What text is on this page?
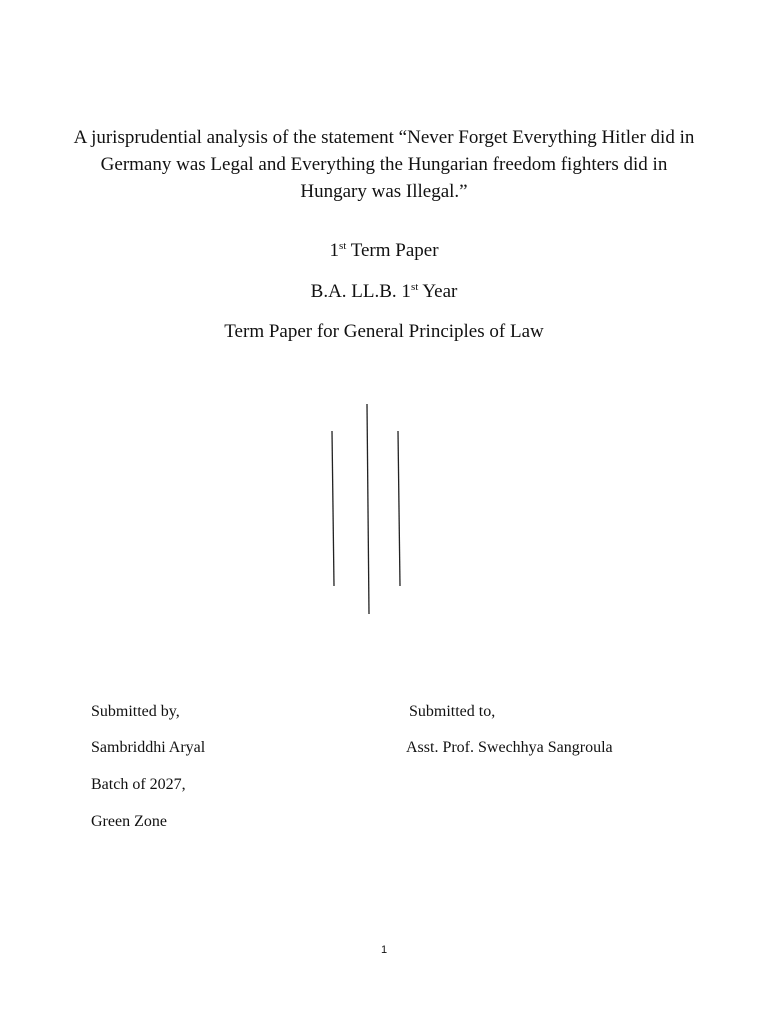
A jurisprudential analysis of the statement “Never Forget Everything Hitler did in Germany was Legal and Everything the Hungarian freedom fighters did in Hungary was Illegal.”

1st Term Paper

B.A. LL.B. 1st Year

Term Paper for General Principles of Law

Submitted by,

Sambriddhi Aryal

Batch of 2027,

Green Zone

Submitted to,

Asst. Prof. Swechhya Sangroula

1
